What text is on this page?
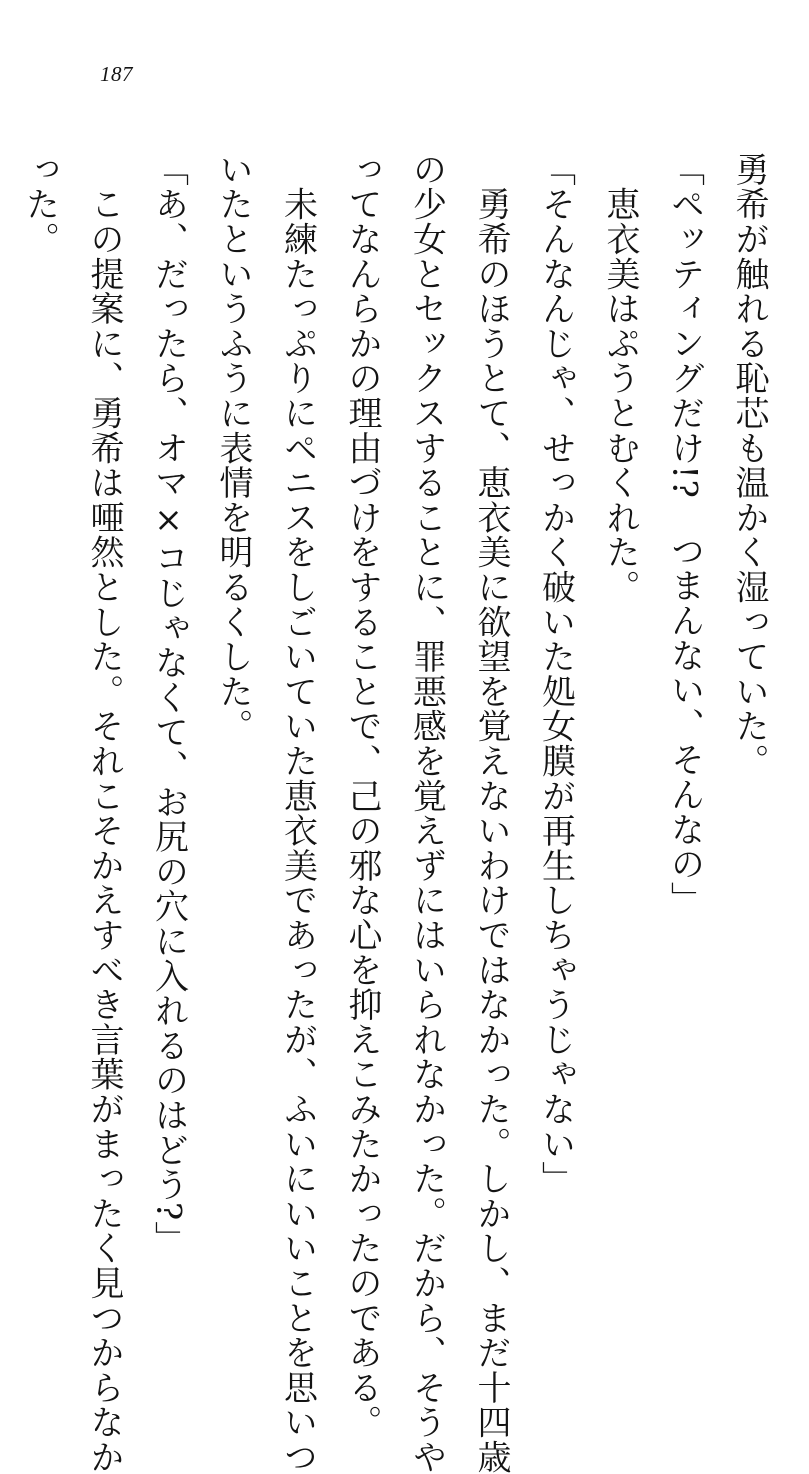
187
勇希が触れる恥芯も温かく湿っていた。
「ペッティングだけ!?　つまんない、そんなの」
　恵衣美はぷうとむくれた。
「そんなんじゃ、せっかく破いた処女膜が再生しちゃうじゃない」
　勇希のほうとて、恵衣美に欲望を覚えないわけではなかった。しかし、まだ十四歳
の少女とセックスすることに、罪悪感を覚えずにはいられなかった。だから、そうや
ってなんらかの理由づけをすることで、己の邪な心を抑えこみたかったのである。
　未練たっぷりにペニスをしごいていた恵衣美であったが、ふいにいいことを思いつ
いたというふうに表情を明るくした。
「あ、だったら、オマ×コじゃなくて、お尻の穴に入れるのはどう?」
　この提案に、勇希は唖然とした。それこそかえすべき言葉がまったく見つからなか
った。
